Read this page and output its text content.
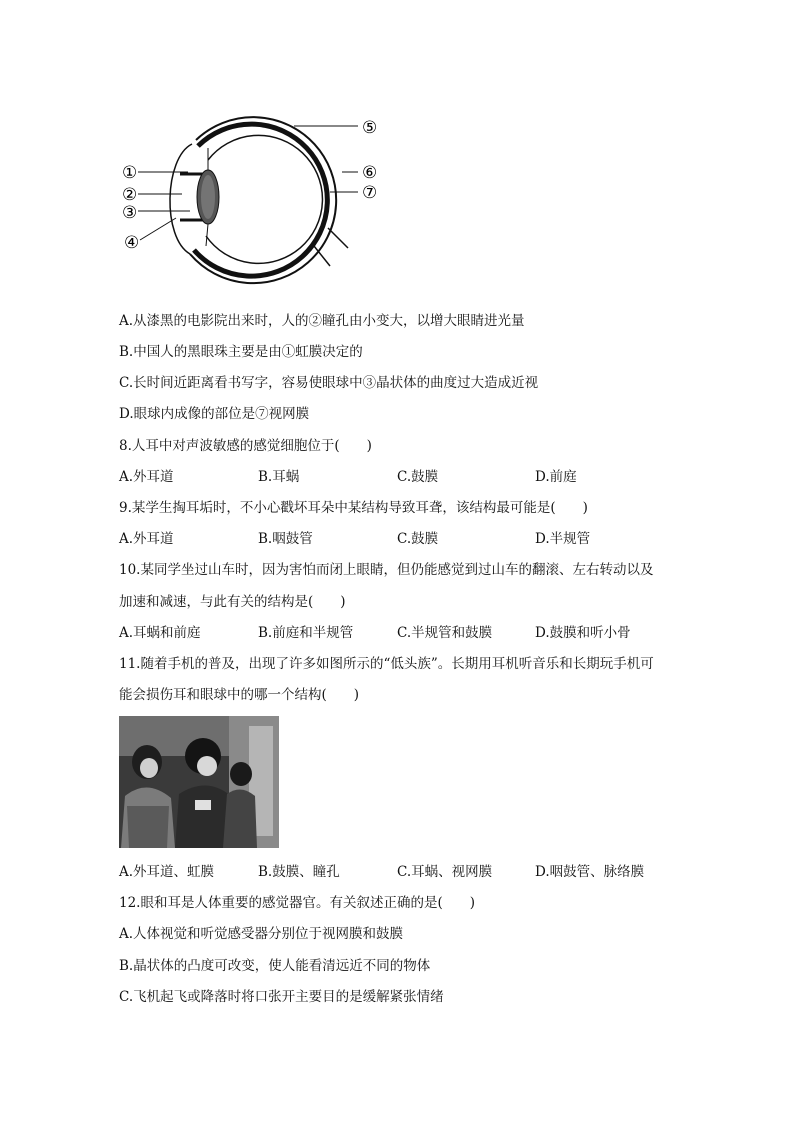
①
②
③
④
⑤
⑥
⑦
A.从漆黑的电影院出来时，人的②瞳孔由小变大，以增大眼睛进光量
B.中国人的黑眼珠主要是由①虹膜决定的
C.长时间近距离看书写字，容易使眼球中③晶状体的曲度过大造成近视
D.眼球内成像的部位是⑦视网膜
8.人耳中对声波敏感的感觉细胞位于(　　)
A.外耳道	B.耳蜗	C.鼓膜	D.前庭
9.某学生掏耳垢时，不小心戳坏耳朵中某结构导致耳聋，该结构最可能是(　　)
A.外耳道	B.咽鼓管	C.鼓膜	D.半规管
10.某同学坐过山车时，因为害怕而闭上眼睛，但仍能感觉到过山车的翻滚、左右转动以及
加速和减速，与此有关的结构是(　　)
A.耳蜗和前庭	B.前庭和半规管	C.半规管和鼓膜	D.鼓膜和听小骨
11.随着手机的普及，出现了许多如图所示的“低头族”。长期用耳机听音乐和长期玩手机可
能会损伤耳和眼球中的哪一个结构(　　)
A.外耳道、虹膜	B.鼓膜、瞳孔	C.耳蜗、视网膜	D.咽鼓管、脉络膜
12.眼和耳是人体重要的感觉器官。有关叙述正确的是(　　)
A.人体视觉和听觉感受器分别位于视网膜和鼓膜
B.晶状体的凸度可改变，使人能看清远近不同的物体
C.飞机起飞或降落时将口张开主要目的是缓解紧张情绪
